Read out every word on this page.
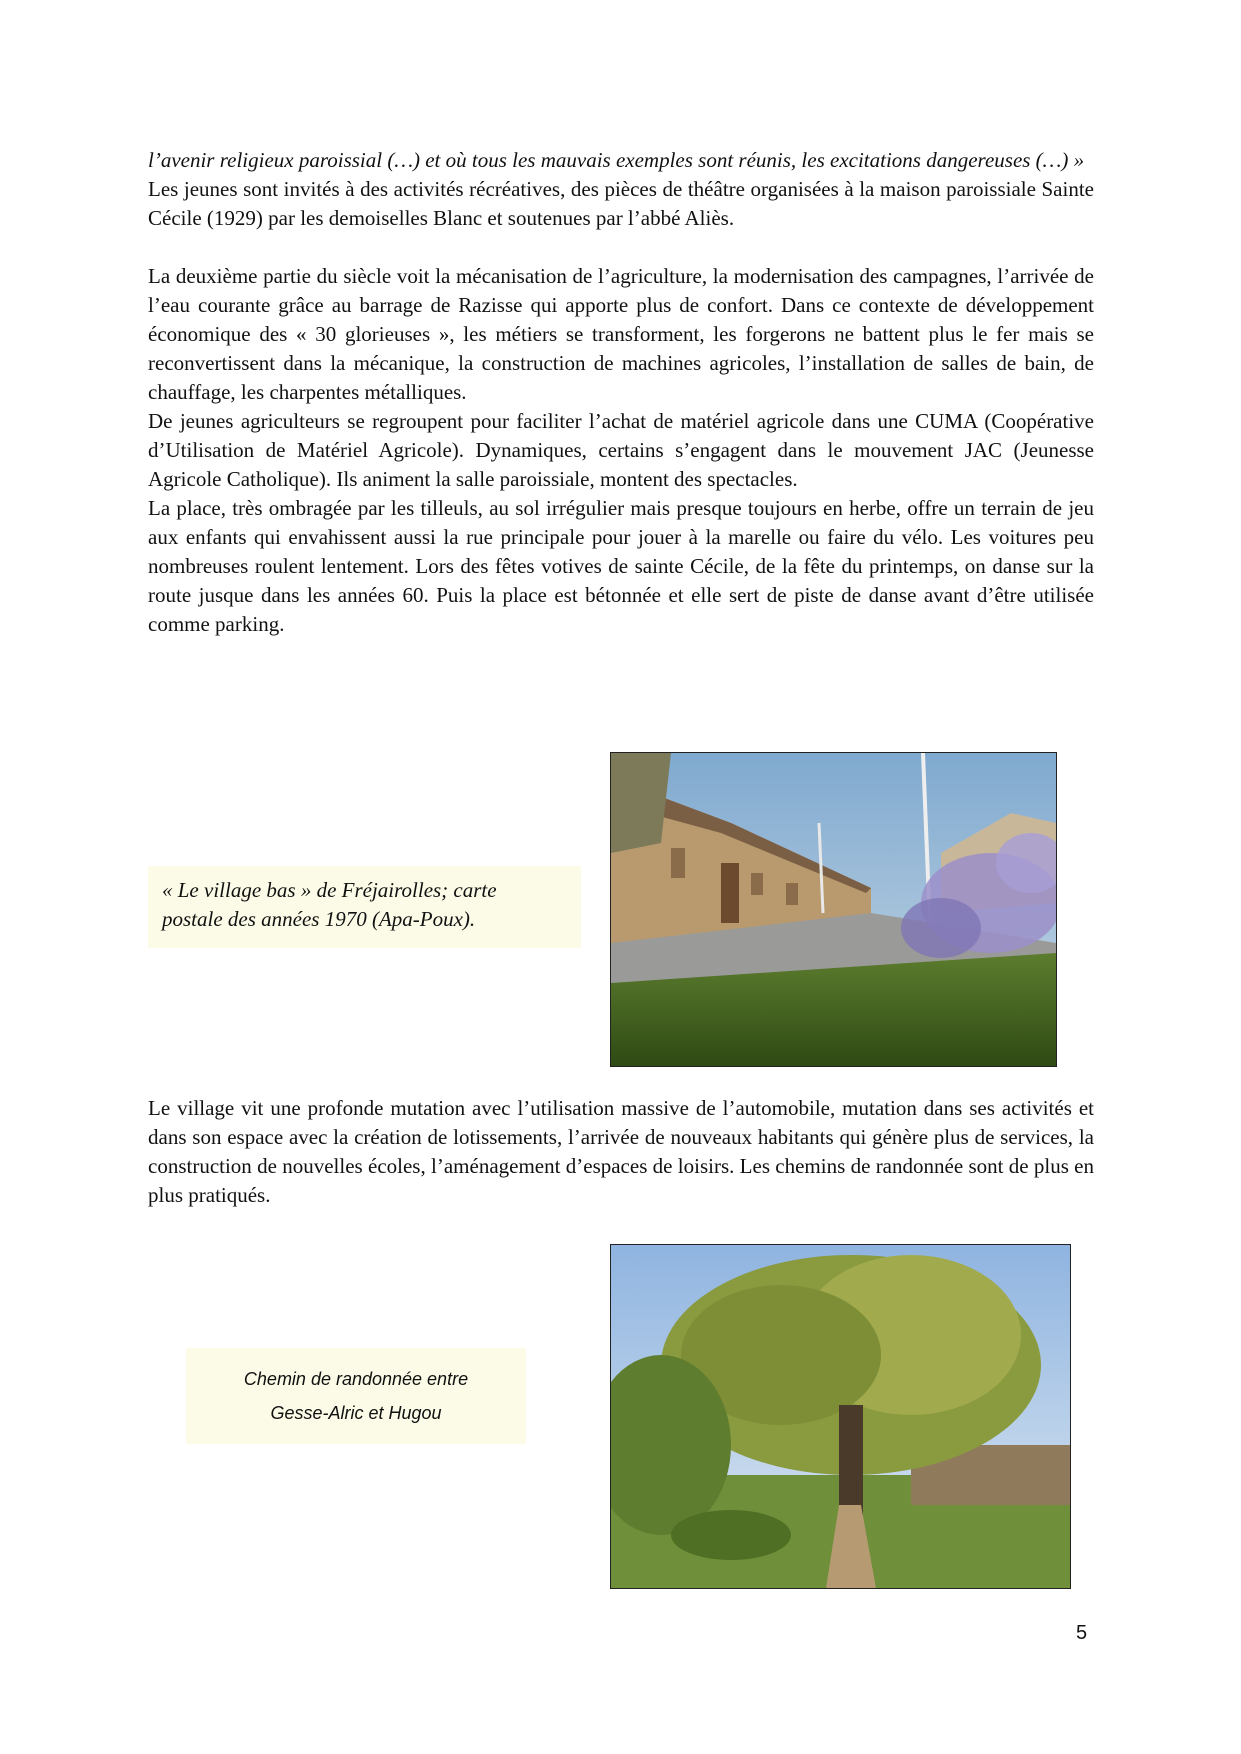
l’avenir religieux paroissial (…) et où tous les mauvais exemples sont réunis, les excitations dangereuses (…) »

Les jeunes sont invités à des activités récréatives, des pièces de théâtre organisées à la maison paroissiale Sainte Cécile (1929) par les demoiselles Blanc et soutenues par l’abbé Aliès.

La deuxième partie du siècle voit la mécanisation de l’agriculture, la modernisation des campagnes, l’arrivée de l’eau courante grâce au barrage de Razisse qui apporte plus de confort. Dans ce contexte de développement économique des « 30 glorieuses », les métiers se transforment, les forgerons ne battent plus le fer mais se reconvertissent dans la mécanique, la construction de machines agricoles, l’installation de salles de bain, de chauffage, les charpentes métalliques.

De jeunes agriculteurs se regroupent pour faciliter l’achat de matériel agricole dans une CUMA (Coopérative d’Utilisation de Matériel Agricole). Dynamiques, certains s’engagent dans le mouvement JAC (Jeunesse Agricole Catholique). Ils animent la salle paroissiale, montent des spectacles.

La place, très ombragée par les tilleuls, au sol irrégulier mais presque toujours en herbe, offre un terrain de jeu aux enfants qui envahissent aussi la rue principale pour jouer à la marelle ou faire du vélo. Les voitures peu nombreuses roulent lentement. Lors des fêtes votives de sainte Cécile, de la fête du printemps, on danse sur la route jusque dans les années 60. Puis la place est bétonnée et elle sert de piste de danse avant d’être utilisée comme parking.

« Le village bas » de Fréjairolles; carte
postale des années 1970 (Apa-Poux).

Le village vit une profonde mutation avec l’utilisation massive de l’automobile, mutation dans ses activités et dans son espace avec la création de lotissements, l’arrivée de nouveaux habitants qui génère plus de services, la construction de nouvelles écoles, l’aménagement d’espaces de loisirs. Les chemins de randonnée sont de plus en plus pratiqués.

Chemin de randonnée entre
Gesse-Alric et Hugou
5
